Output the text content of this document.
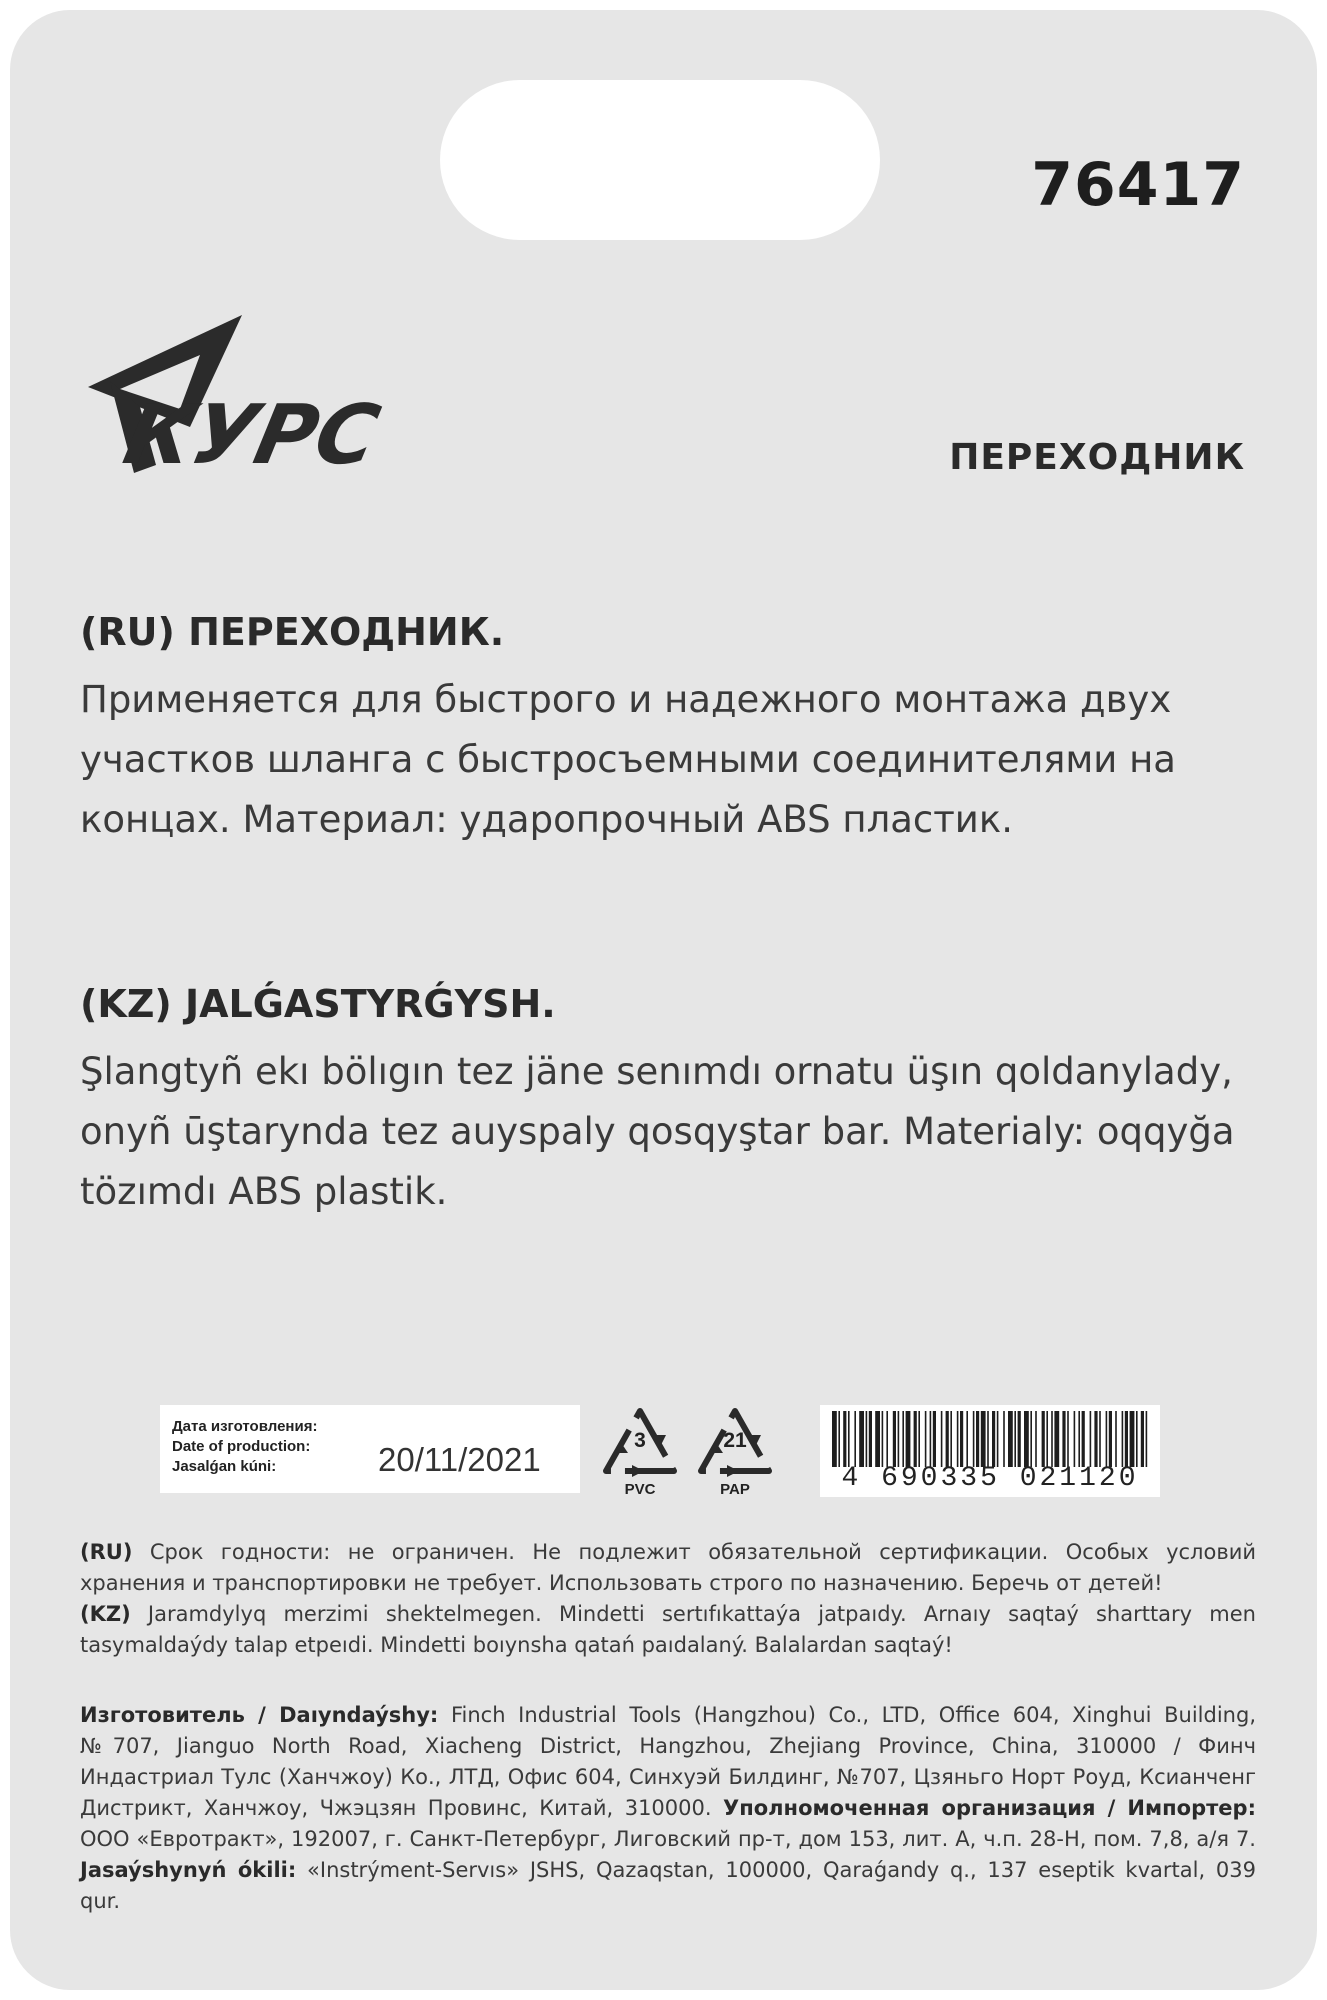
76417
КУРС	ПЕРЕХОДНИК
(RU) ПЕРЕХОДНИК.

Применяется для быстрого и надежного монтажа двух участков шланга с быстросъемными соединителями на концах. Материал: ударопрочный ABS пластик.

(KZ) JALǴASTYRǴYSH.

Şlangtyñ ekı bölıgın tez jäne senımdı ornatu üşın qoldanylady, onyñ ūştarynda tez auyspaly qosqyştar bar. Materialy: oqqyğa tözımdı ABS plastik.

Дата изготовления:
Date of production:
Jasalǵan kúni:	20/11/2021
3
PVC
21
PAP	4 690335 021120

(RU) Срок годности: не ограничен. Не подлежит обязательной сертификации. Особых условий хранения и транспортировки не требует. Использовать строго по назначению. Беречь от детей!

(KZ) Jaramdylyq merzimi shektelmegen. Mindetti sertıfıkattaýa jatpaıdy. Arnaıy saqtaý sharttary men tasymaldaýdy talap etpeıdi. Mindetti boıynsha qatań paıdalaný. Balalardan saqtaý!

Изготовитель / Daıyndaýshy: Finch Industrial Tools (Hangzhou) Co., LTD, Office 604, Xinghui Building, №707, Jianguo North Road, Xiacheng District, Hangzhou, Zhejiang Province, China, 310000 / Финч Индастриал Тулс (Ханчжоу) Ко., ЛТД, Офис 604, Синхуэй Билдинг, №707, Цзяньго Норт Роуд, Ксианченг Дистрикт, Ханчжоу, Чжэцзян Провинс, Китай, 310000. Уполномоченная организация / Импортер: ООО «Евротракт», 192007, г. Санкт-Петербург, Лиговский пр-т, дом 153, лит. А, ч.п. 28-Н, пом. 7,8, а/я 7. Jasaýshynyń ókili: «Instrýment-Servıs» JSHS, Qazaqstan, 100000, Qaraǵandy q., 137 eseptik kvartal, 039 qur.
